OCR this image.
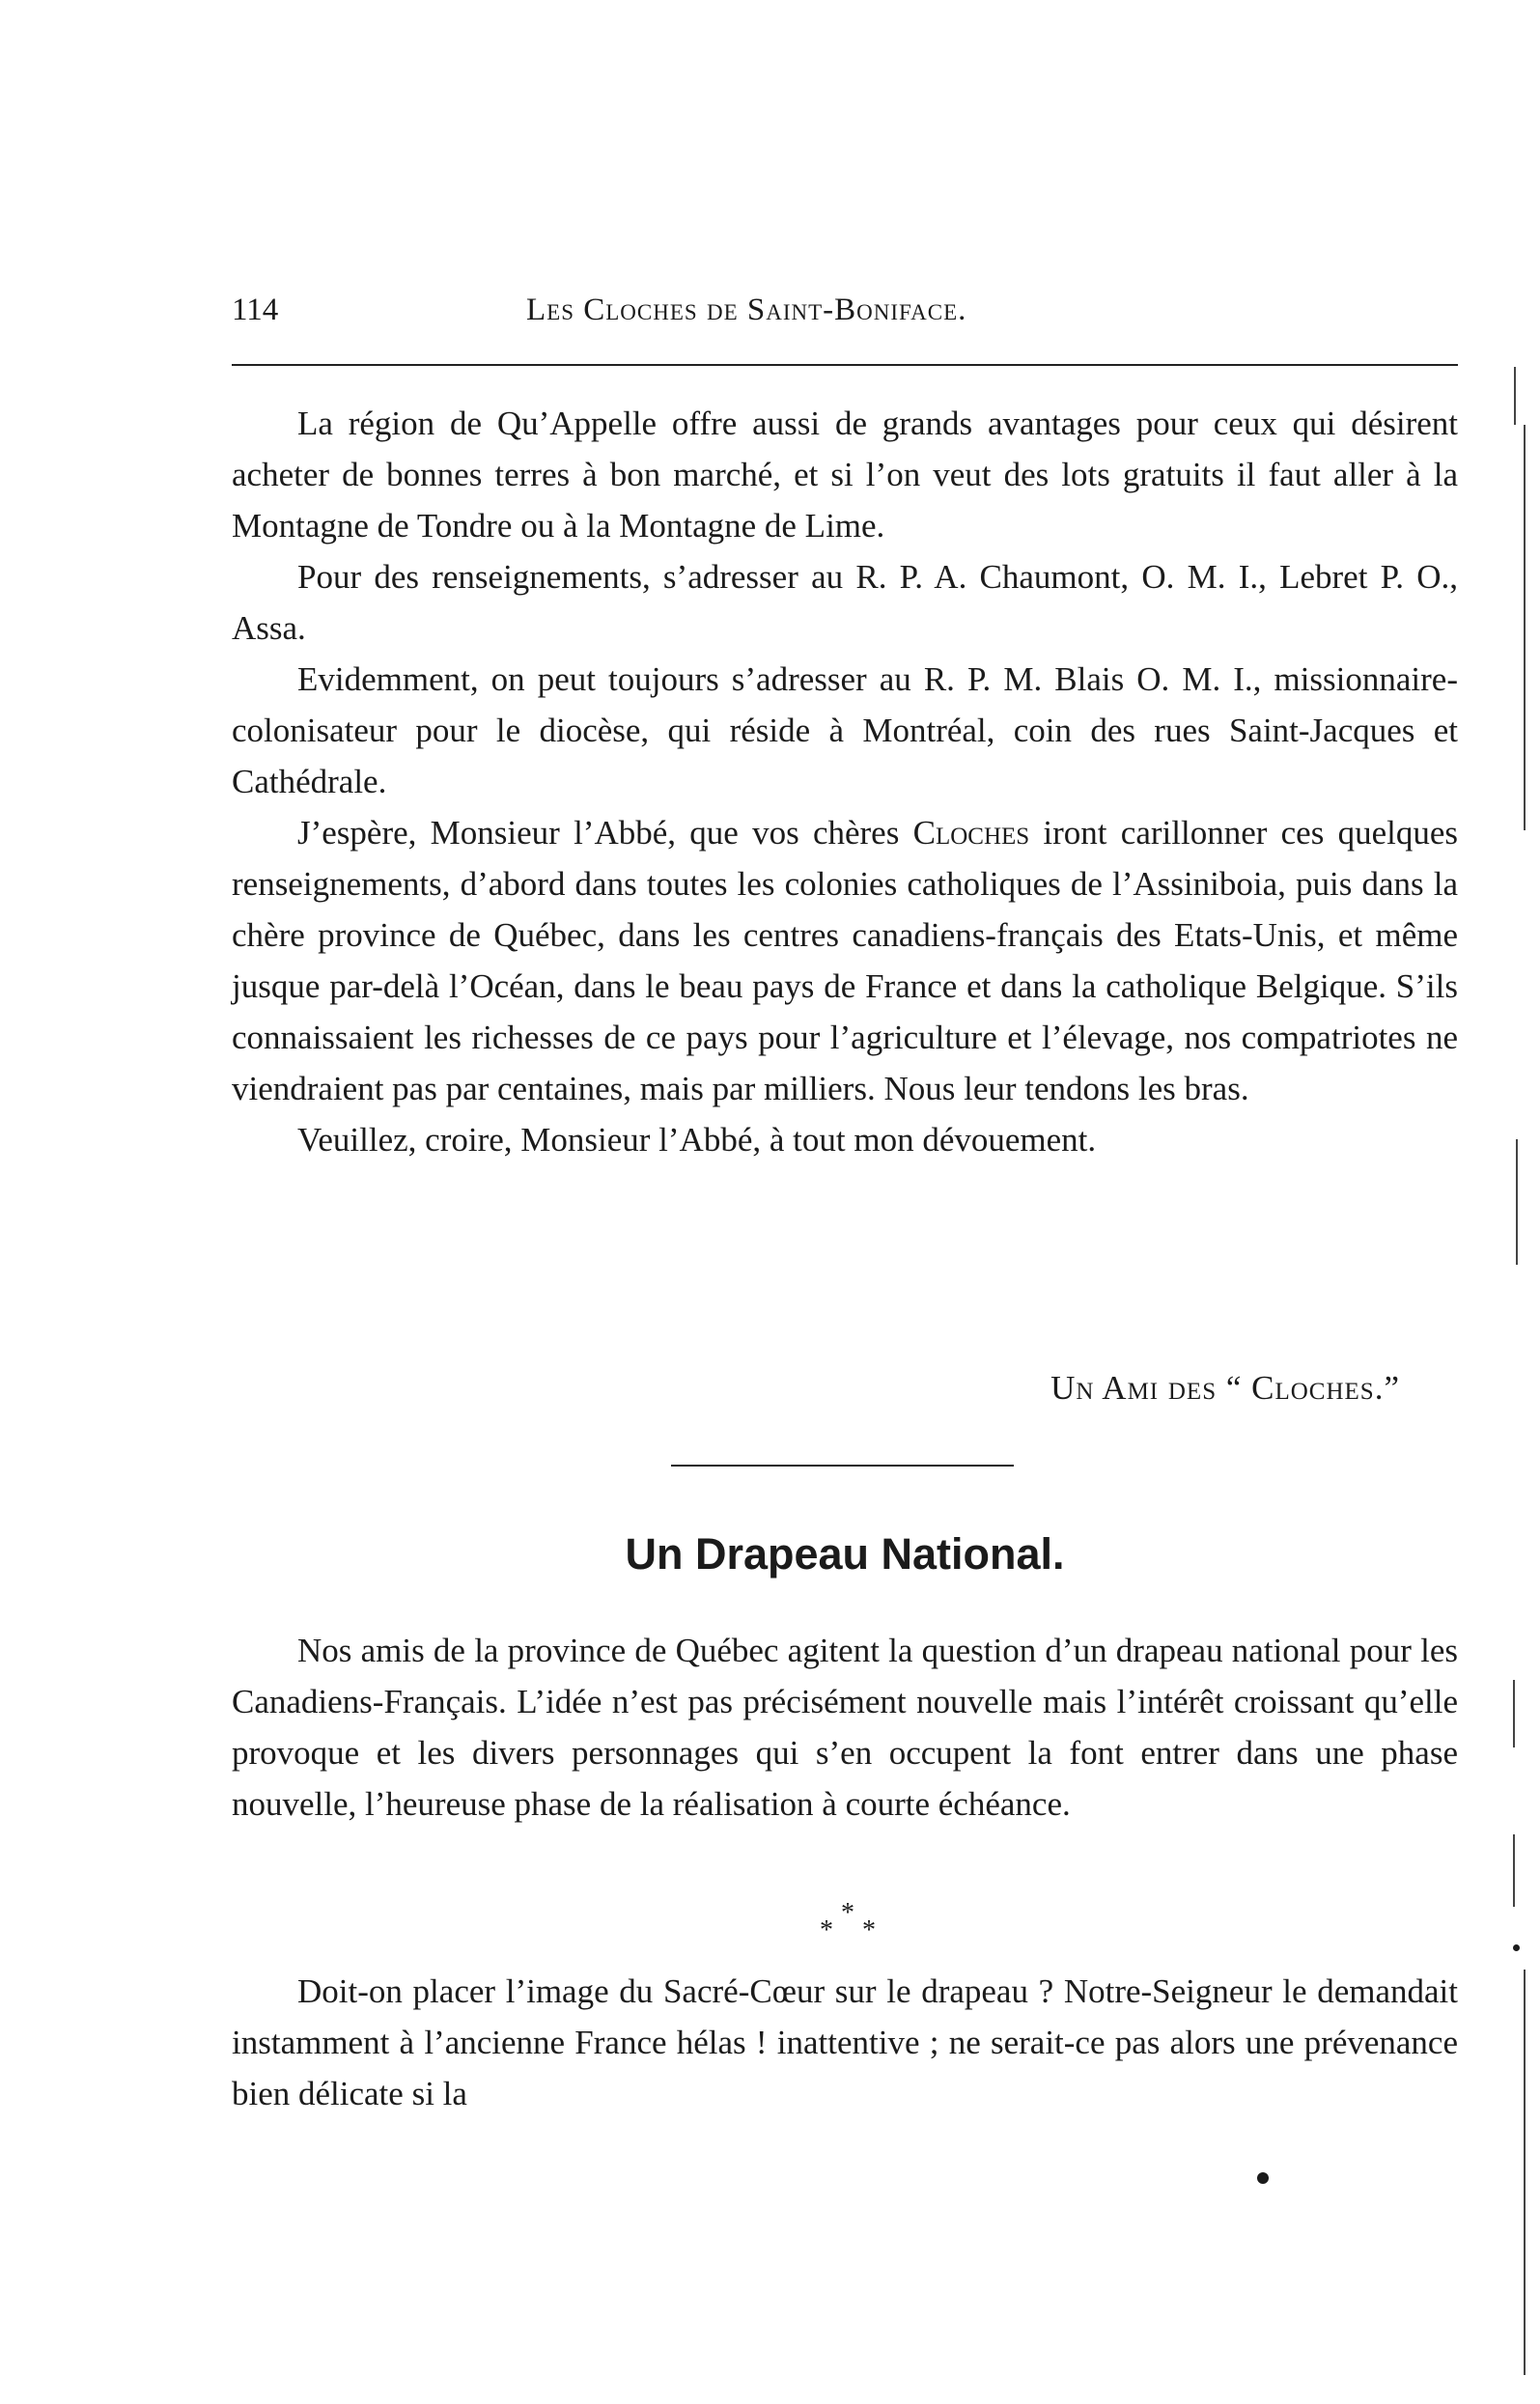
114	Les Cloches de Saint-Boniface.

La région de Qu’Appelle offre aussi de grands avantages pour ceux qui désirent acheter de bonnes terres à bon marché, et si l’on veut des lots gratuits il faut aller à la Montagne de Tondre ou à la Montagne de Lime.

Pour des renseignements, s’adresser au R. P. A. Chaumont, O. M. I., Lebret P. O., Assa.

Evidemment, on peut toujours s’adresser au R. P. M. Blais O. M. I., missionnaire-colonisateur pour le diocèse, qui réside à Montréal, coin des rues Saint-Jacques et Cathédrale.

J’espère, Monsieur l’Abbé, que vos chères Cloches iront carillonner ces quelques renseignements, d’abord dans toutes les colonies catholiques de l’Assiniboia, puis dans la chère province de Québec, dans les centres canadiens-français des Etats-Unis, et même jusque par-delà l’Océan, dans le beau pays de France et dans la catholique Belgique. S’ils connaissaient les richesses de ce pays pour l’agriculture et l’élevage, nos compatriotes ne viendraient pas par centaines, mais par milliers. Nous leur tendons les bras.

Veuillez, croire, Monsieur l’Abbé, à tout mon dévouement.

Un Ami des “ Cloches.”
Un Drapeau National.

Nos amis de la province de Québec agitent la question d’un drapeau national pour les Canadiens-Français. L’idée n’est pas précisément nouvelle mais l’intérêt croissant qu’elle provoque et les divers personnages qui s’en occupent la font entrer dans une phase nouvelle, l’heureuse phase de la réalisation à courte échéance.

*
* *

Doit-on placer l’image du Sacré-Cœur sur le drapeau ? Notre-Seigneur le demandait instamment à l’ancienne France hélas ! inattentive ; ne serait-ce pas alors une prévenance bien délicate si la
